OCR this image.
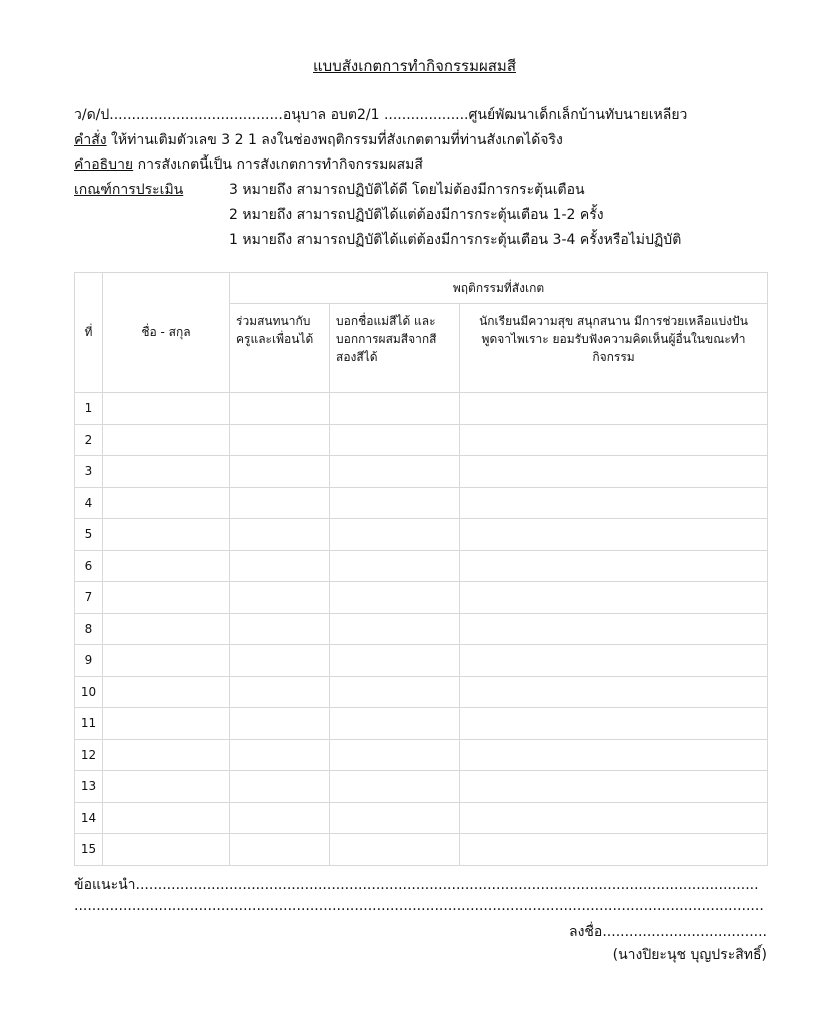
แบบสังเกตการทำกิจกรรมผสมสี
ว/ด/ป.......................................อนุบาล อบต2/1 ...................ศูนย์พัฒนาเด็กเล็กบ้านทับนายเหลียว
คำสั่ง ให้ท่านเติมตัวเลข 3 2 1 ลงในช่องพฤติกรรมที่สังเกตตามที่ท่านสังเกตได้จริง
คำอธิบาย การสังเกตนี้เป็น การสังเกตการทำกิจกรรมผสมสี
เกณฑ์การประเมิน	3 หมายถึง สามารถปฏิบัติได้ดี โดยไม่ต้องมีการกระตุ้นเตือน
2 หมายถึง สามารถปฏิบัติได้แต่ต้องมีการกระตุ้นเตือน 1-2 ครั้ง
1 หมายถึง สามารถปฏิบัติได้แต่ต้องมีการกระตุ้นเตือน 3-4 ครั้งหรือไม่ปฏิบัติ
ที่	ชื่อ - สกุล	พฤติกรรมที่สังเกต		

		ร่วมสนทนากับครูและเพื่อนได้	บอกชื่อแม่สีได้ และบอกการผสมสีจากสีสองสีได้	นักเรียนมีความสุข สนุกสนาน มีการช่วยเหลือแบ่งปัน พูดจาไพเราะ ยอมรับฟังความคิดเห็นผู้อื่นในขณะทำกิจกรรม

1				
2				
3				
4				
5				
6				
7				
8				
9				
10				
11				
12				
13				
14				
15				
ข้อแนะนำ............................................................................................................................................
...........................................................................................................................................................
ลงชื่อ.....................................
(นางปิยะนุช บุญประสิทธิ์)
